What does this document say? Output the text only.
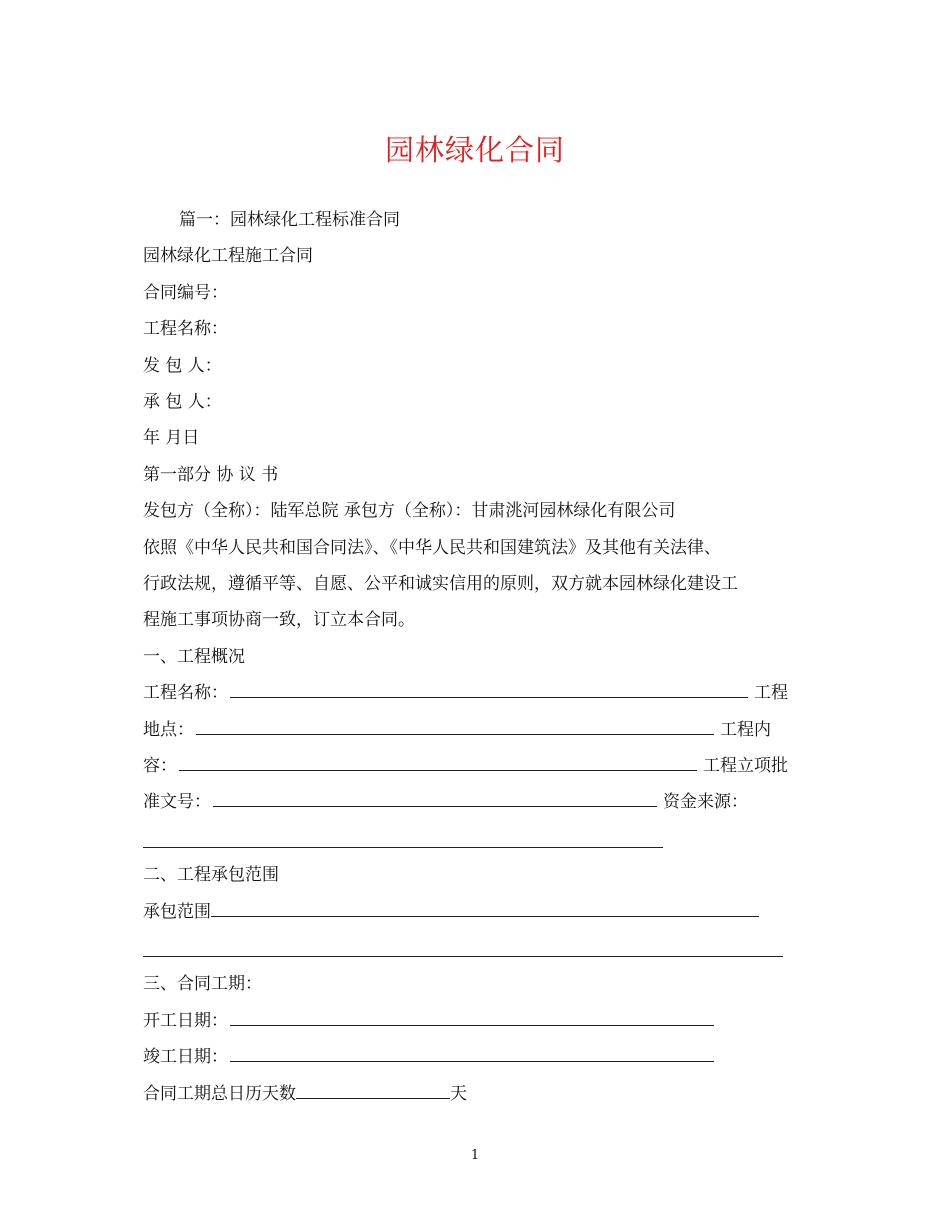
园林绿化合同
篇一：园林绿化工程标准合同
园林绿化工程施工合同
合同编号：
工程名称：
发 包 人：
承 包 人：
年 月日
第一部分 协 议 书
发包方（全称）：陆军总院 承包方（全称）：甘肃洮河园林绿化有限公司
依照《中华人民共和国合同法》、《中华人民共和国建筑法》及其他有关法律、
行政法规，遵循平等、自愿、公平和诚实信用的原则，双方就本园林绿化建设工
程施工事项协商一致，订立本合同。
一、工程概况
工程名称：	工程
地点：	工程内
容：	工程立项批
准文号：	资金来源：
二、工程承包范围
承包范围
三、合同工期：
开工日期：
竣工日期：
合同工期总日历天数	天
1
